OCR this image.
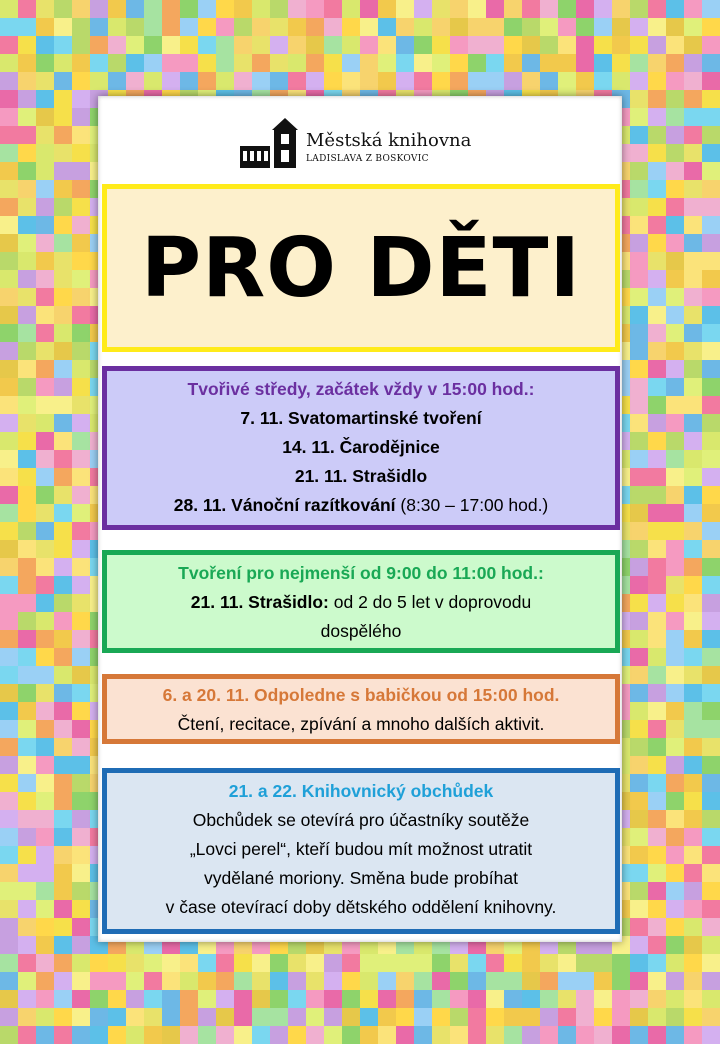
Městská knihovna
LADISLAVA Z BOSKOVIC
PRO DĚTI
Tvořivé středy, začátek vždy v 15:00 hod.:
7. 11. Svatomartinské tvoření
14. 11. Čarodějnice
21. 11. Strašidlo
28. 11. Vánoční razítkování (8:30 – 17:00 hod.)
Tvoření pro nejmenší od 9:00 do 11:00 hod.:
21. 11. Strašidlo: od 2 do 5 let v doprovodu
dospělého
6. a 20. 11. Odpoledne s babičkou od 15:00 hod.
Čtení, recitace, zpívání a mnoho dalších aktivit.
21. a 22. Knihovnický obchůdek
Obchůdek se otevírá pro účastníky soutěže
„Lovci perel“, kteří budou mít možnost utratit
vydělané moriony. Směna bude probíhat
v čase otevírací doby dětského oddělení knihovny.
